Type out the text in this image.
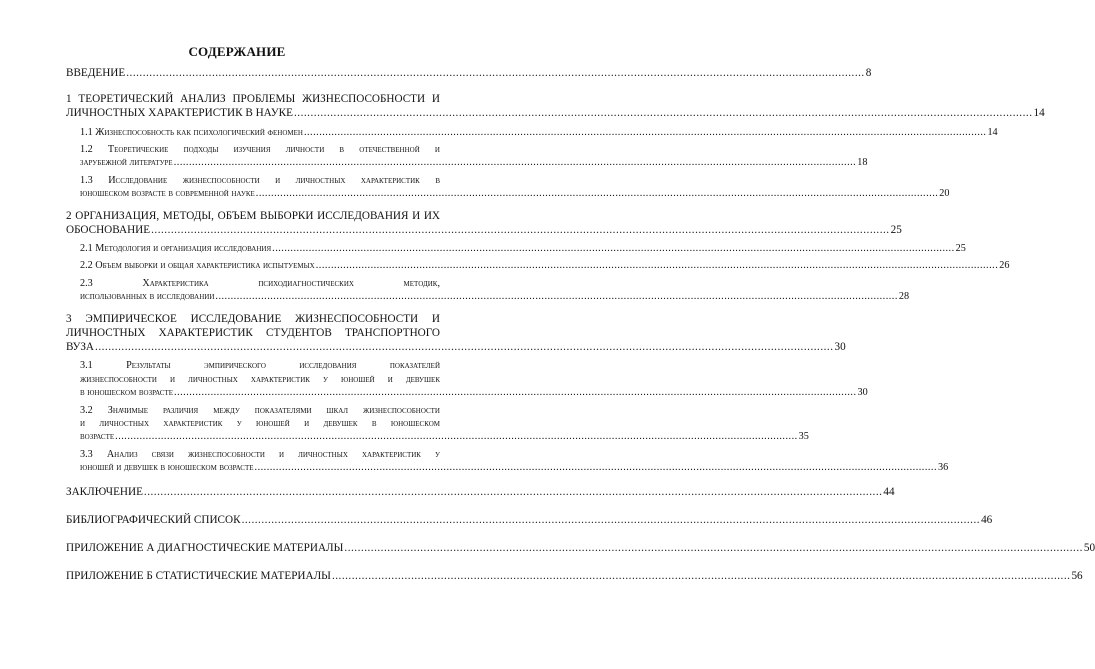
СОДЕРЖАНИЕ
ВВЕДЕНИЕ .....	8
1 ТЕОРЕТИЧЕСКИЙ АНАЛИЗ ПРОБЛЕМЫ ЖИЗНЕСПОСОБНОСТИ И
ЛИЧНОСТНЫХ ХАРАКТЕРИСТИК В НАУКЕ .....	14
1.1 Жизнеспособность как психологический феномен .....	14
1.2 Теоретические подходы изучения личности в отечественной и
зарубежной литературе .....	18
1.3 Исследование жизнеспособности и личностных характеристик в
юношеском возрасте в современной науке .....	20
2 ОРГАНИЗАЦИЯ, МЕТОДЫ, ОБЪЕМ ВЫБОРКИ ИССЛЕДОВАНИЯ И ИХ
ОБОСНОВАНИЕ .....	25
2.1 Методология и организация исследования .....	25
2.2 Объем выборки и общая характеристика испытуемых .....	26
2.3 Характеристика психодиагностических методик,
использованных в исследовании .....	28
3 ЭМПИРИЧЕСКОЕ ИССЛЕДОВАНИЕ ЖИЗНЕСПОСОБНОСТИ И
ЛИЧНОСТНЫХ ХАРАКТЕРИСТИК СТУДЕНТОВ ТРАНСПОРТНОГО
ВУЗА .....	30
3.1 Результаты эмпирического исследования показателей
жизнеспособности и личностных характеристик у юношей и девушек
в юношеском возрасте .....	30
3.2 Значимые различия между показателями шкал жизнеспособности
и личностных характеристик у юношей и девушек в юношеском
возрасте .....	35
3.3 Анализ связи жизнеспособности и личностных характеристик у
юношей и девушек в юношеском возрасте .....	36
ЗАКЛЮЧЕНИЕ .....	44
БИБЛИОГРАФИЧЕСКИЙ СПИСОК .....	46
ПРИЛОЖЕНИЕ А ДИАГНОСТИЧЕСКИЕ МАТЕРИАЛЫ .....	50
ПРИЛОЖЕНИЕ Б СТАТИСТИЧЕСКИЕ МАТЕРИАЛЫ .....	56
